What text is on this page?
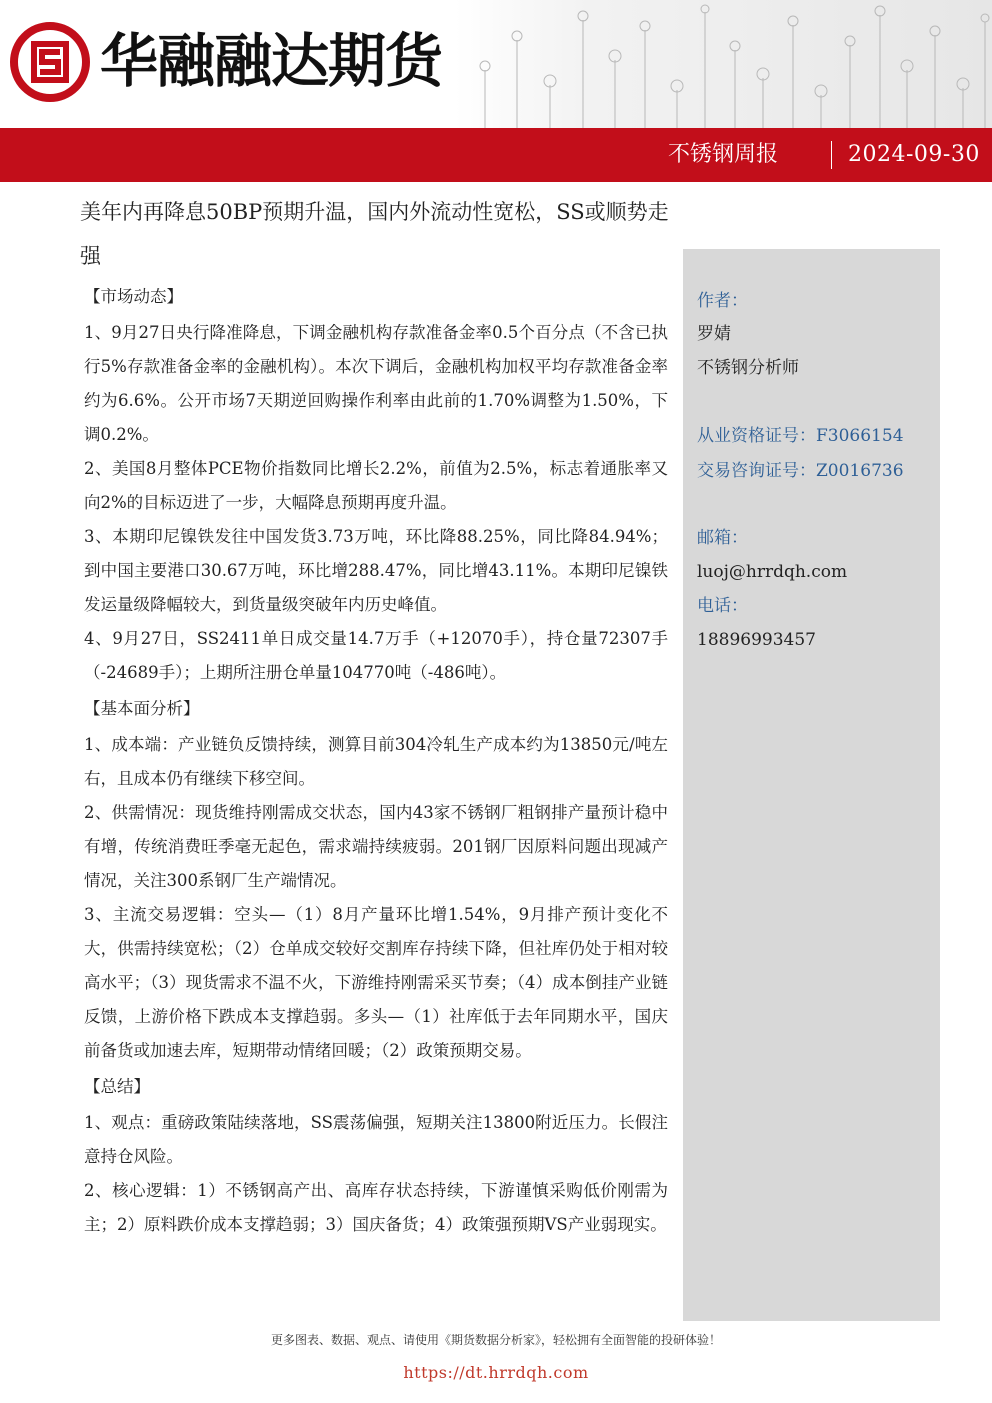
华融融达期货
不锈钢周报	2024-09-30
美年内再降息50BP预期升温，国内外流动性宽松，SS或顺势走强
【市场动态】

1、9月27日央行降准降息，下调金融机构存款准备金率0.5个百分点（不含已执行5%存款准备金率的金融机构）。本次下调后，金融机构加权平均存款准备金率约为6.6%。公开市场7天期逆回购操作利率由此前的1.70%调整为1.50%，下调0.2%。

2、美国8月整体PCE物价指数同比增长2.2%，前值为2.5%，标志着通胀率又向2%的目标迈进了一步，大幅降息预期再度升温。

3、本期印尼镍铁发往中国发货3.73万吨，环比降88.25%，同比降84.94%；到中国主要港口30.67万吨，环比增288.47%，同比增43.11%。本期印尼镍铁发运量级降幅较大，到货量级突破年内历史峰值。

4、9月27日，SS2411单日成交量14.7万手（+12070手），持仓量72307手（-24689手）；上期所注册仓单量104770吨（-486吨）。

【基本面分析】

1、成本端：产业链负反馈持续，测算目前304冷轧生产成本约为13850元/吨左右，且成本仍有继续下移空间。

2、供需情况：现货维持刚需成交状态，国内43家不锈钢厂粗钢排产量预计稳中有增，传统消费旺季毫无起色，需求端持续疲弱。201钢厂因原料问题出现减产情况，关注300系钢厂生产端情况。

3、主流交易逻辑：空头—（1）8月产量环比增1.54%，9月排产预计变化不大，供需持续宽松；（2）仓单成交较好交割库存持续下降，但社库仍处于相对较高水平；（3）现货需求不温不火，下游维持刚需采买节奏；（4）成本倒挂产业链反馈，上游价格下跌成本支撑趋弱。多头—（1）社库低于去年同期水平，国庆前备货或加速去库，短期带动情绪回暖；（2）政策预期交易。

【总结】

1、观点：重磅政策陆续落地，SS震荡偏强，短期关注13800附近压力。长假注意持仓风险。

2、核心逻辑：1）不锈钢高产出、高库存状态持续，下游谨慎采购低价刚需为主；2）原料跌价成本支撑趋弱；3）国庆备货；4）政策强预期VS产业弱现实。

作者：
罗婧
不锈钢分析师
从业资格证号：F3066154
交易咨询证号：Z0016736
邮箱：
luoj@hrrdqh.com
电话：
18896993457
更多图表、数据、观点、请使用《期货数据分析家》，轻松拥有全面智能的投研体验！
https://dt.hrrdqh.com
